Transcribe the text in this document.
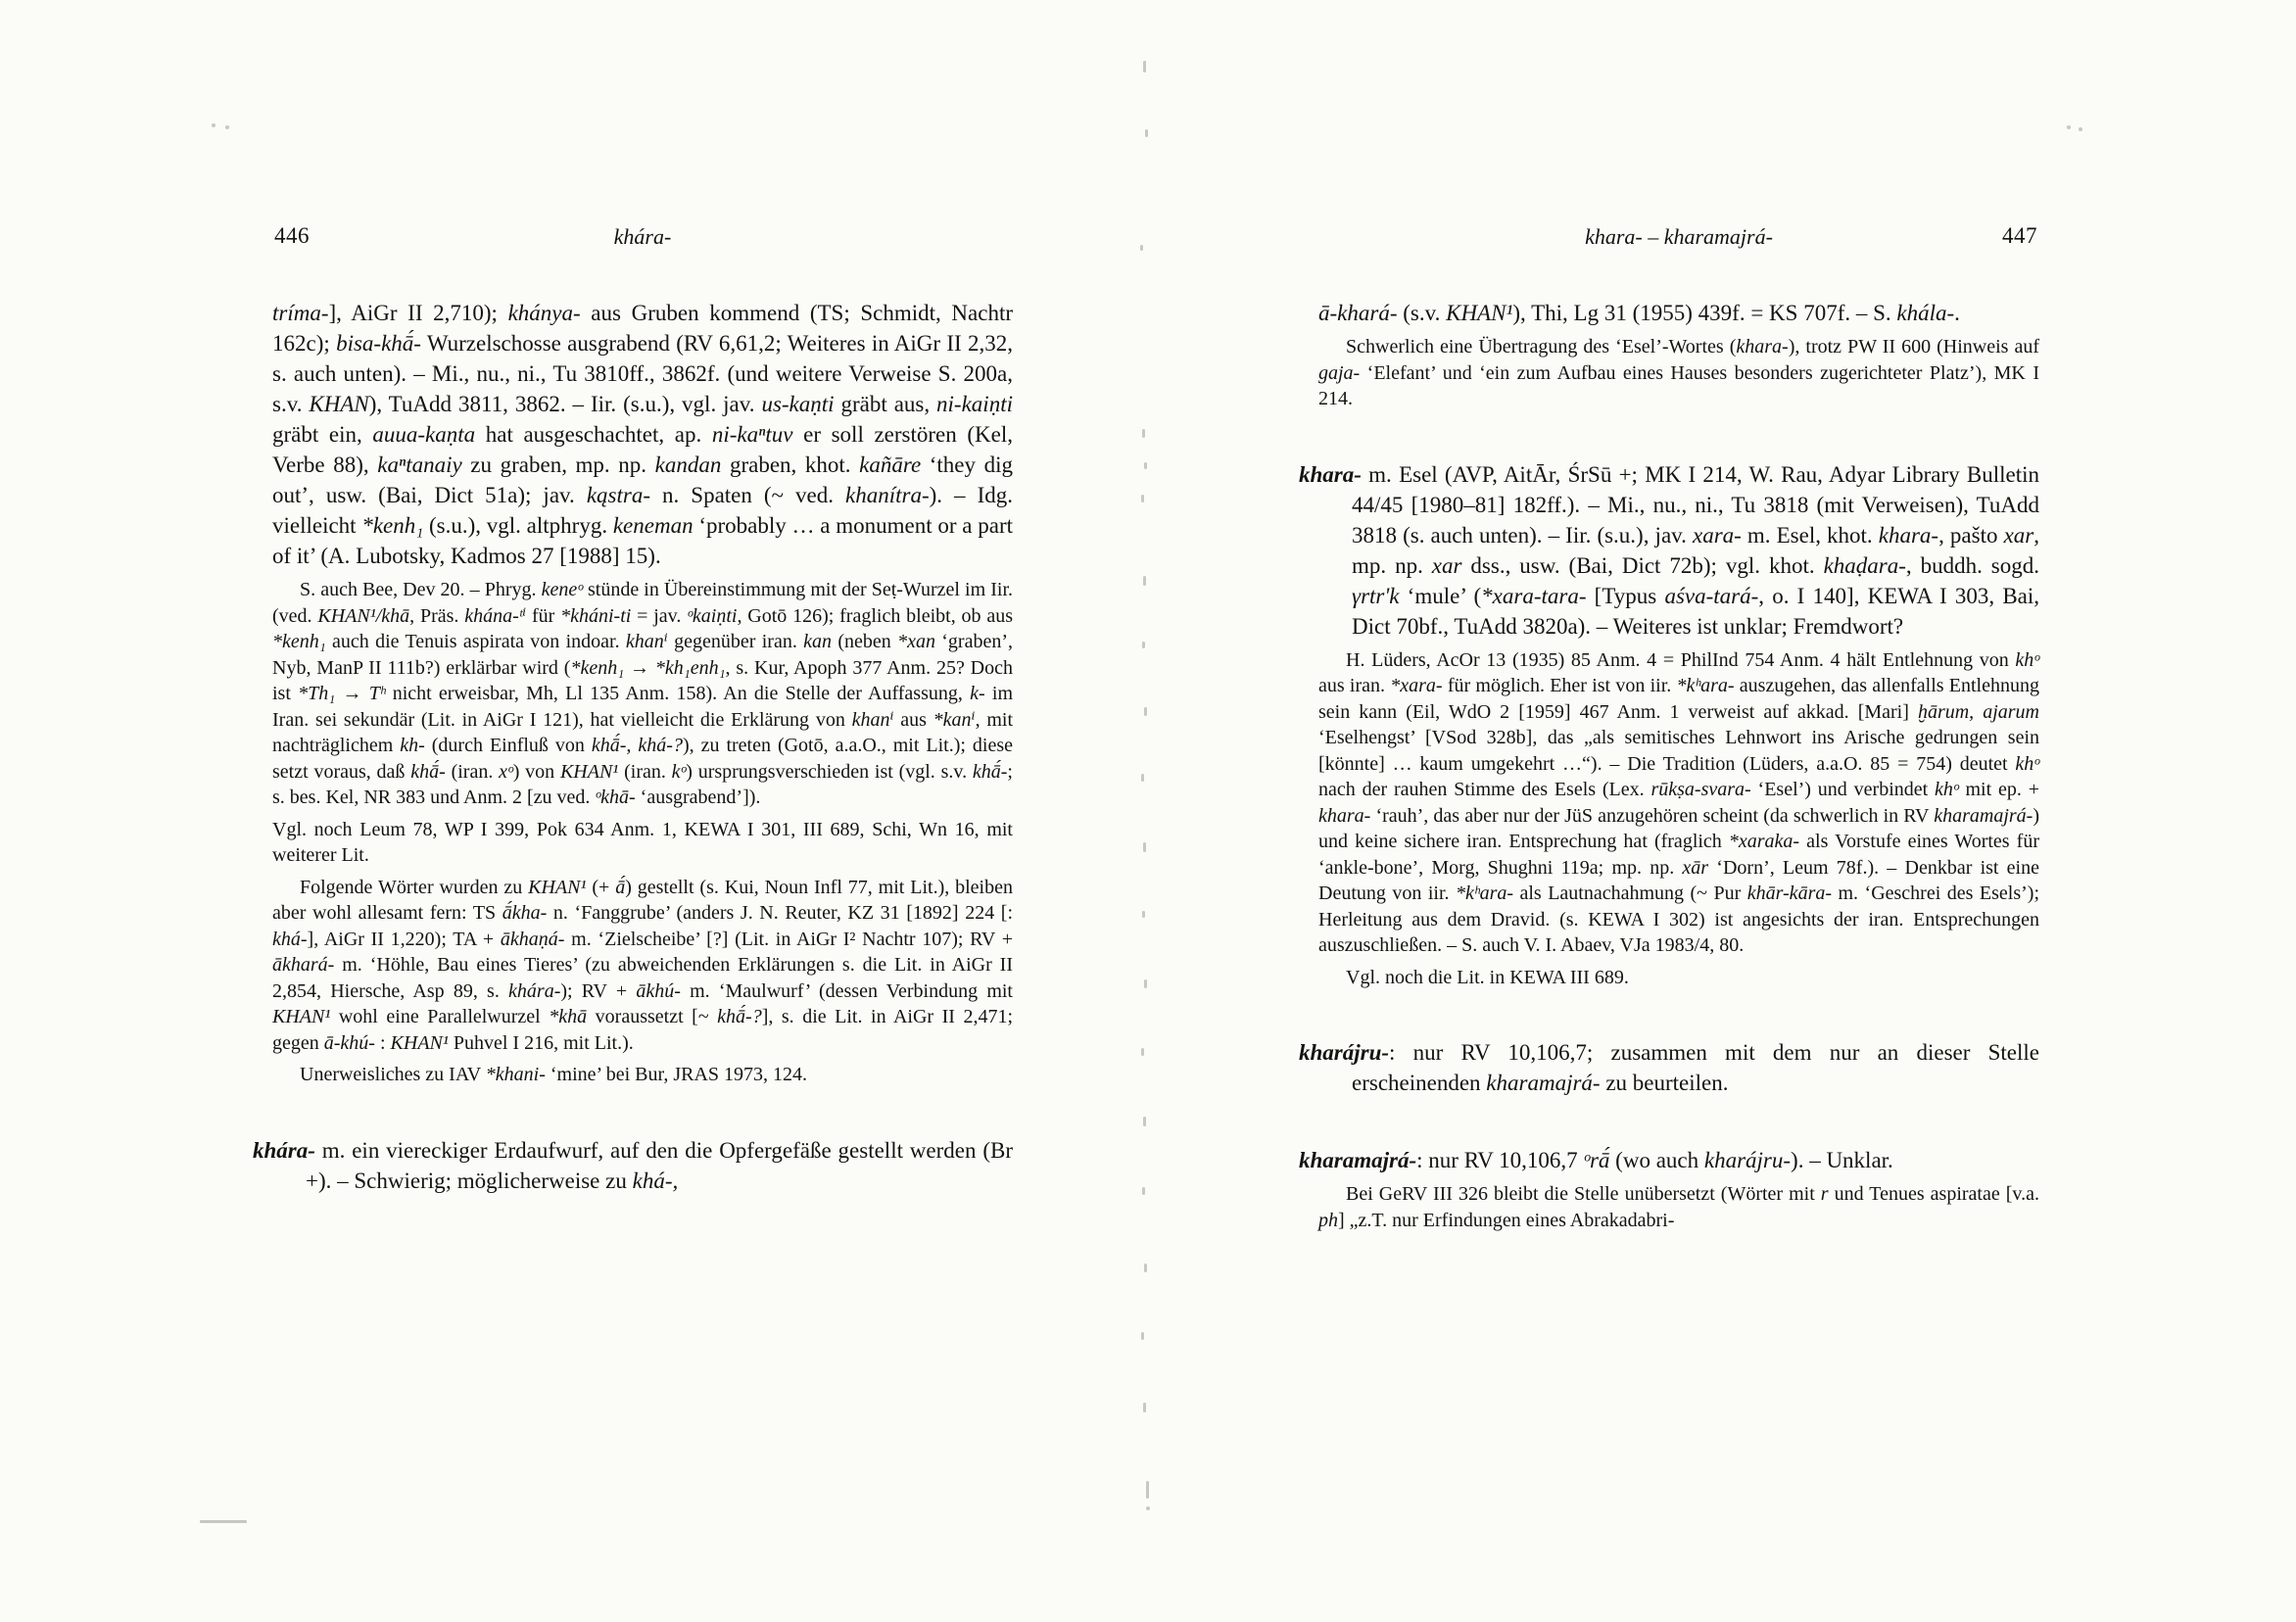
446	khára-

tríma-], AiGr II 2,710); khánya- aus Gruben kommend (TS; Schmidt, Nachtr 162c); bisa-khā́- Wurzelschosse ausgrabend (RV 6,61,2; Weiteres in AiGr II 2,32, s. auch unten). – Mi., nu., ni., Tu 3810ff., 3862f. (und weitere Verweise S. 200a, s.v. KHAN), TuAdd 3811, 3862. – Iir. (s.u.), vgl. jav. us-kaṇti gräbt aus, ni-kaiṇti gräbt ein, auua-kaṇta hat ausgeschachtet, ap. ni-kaⁿtuv er soll zerstören (Kel, Verbe 88), kaⁿtanaiy zu graben, mp. np. kandan graben, khot. kañāre ‘they dig out’, usw. (Bai, Dict 51a); jav. kąstra- n. Spaten (~ ved. khanítra-). – Idg. vielleicht *kenh₁ (s.u.), vgl. altphryg. keneman ‘probably … a monument or a part of it’ (A. Lubotsky, Kadmos 27 [1988] 15).

S. auch Bee, Dev 20. – Phryg. keneᵒ stünde in Übereinstimmung mit der Seṭ-Wurzel im Iir. (ved. KHAN¹/khā, Präs. khána-ᵗⁱ für *kháni-ti = jav. ᵒkaiṇti, Gotō 126); fraglich bleibt, ob aus *kenh₁ auch die Tenuis aspirata von indoar. khanⁱ gegenüber iran. kan (neben *xan ‘graben’, Nyb, ManP II 111b?) erklärbar wird (*kenh₁ → *kh₁enh₁, s. Kur, Apoph 377 Anm. 25? Doch ist *Th₁ → Tʰ nicht erweisbar, Mh, Ll 135 Anm. 158). An die Stelle der Auffassung, k- im Iran. sei sekundär (Lit. in AiGr I 121), hat vielleicht die Erklärung von khanⁱ aus *kanⁱ, mit nachträglichem kh- (durch Einfluß von khā́-, khá-?), zu treten (Gotō, a.a.O., mit Lit.); diese setzt voraus, daß khā́- (iran. xᵒ) von KHAN¹ (iran. kᵒ) ursprungsverschieden ist (vgl. s.v. khā́-; s. bes. Kel, NR 383 und Anm. 2 [zu ved. ᵒkhā- ‘ausgrabend’]).

Vgl. noch Leum 78, WP I 399, Pok 634 Anm. 1, KEWA I 301, III 689, Schi, Wn 16, mit weiterer Lit.

Folgende Wörter wurden zu KHAN¹ (+ ā́) gestellt (s. Kui, Noun Infl 77, mit Lit.), bleiben aber wohl allesamt fern: TS ā́kha- n. ‘Fanggrube’ (anders J. N. Reuter, KZ 31 [1892] 224 [: khá-], AiGr II 1,220); TA + ākhaṇá- m. ‘Zielscheibe’ [?] (Lit. in AiGr I² Nachtr 107); RV + ākhará- m. ‘Höhle, Bau eines Tieres’ (zu abweichenden Erklärungen s. die Lit. in AiGr II 2,854, Hiersche, Asp 89, s. khára-); RV + ākhú- m. ‘Maulwurf’ (dessen Verbindung mit KHAN¹ wohl eine Parallelwurzel *khā voraussetzt [~ khā́-?], s. die Lit. in AiGr II 2,471; gegen ā-khú- : KHAN¹ Puhvel I 216, mit Lit.).

Unerweisliches zu IAV *khani- ‘mine’ bei Bur, JRAS 1973, 124.

khára- m. ein viereckiger Erdaufwurf, auf den die Opfergefäße gestellt werden (Br +). – Schwierig; möglicherweise zu khá-,

khara- – kharamajrá-	447

ā-khará- (s.v. KHAN¹), Thi, Lg 31 (1955) 439f. = KS 707f. – S. khála-.

Schwerlich eine Übertragung des ‘Esel’-Wortes (khara-), trotz PW II 600 (Hinweis auf gaja- ‘Elefant’ und ‘ein zum Aufbau eines Hauses besonders zugerichteter Platz’), MK I 214.

khara- m. Esel (AVP, AitĀr, ŚrSū +; MK I 214, W. Rau, Adyar Library Bulletin 44/45 [1980–81] 182ff.). – Mi., nu., ni., Tu 3818 (mit Verweisen), TuAdd 3818 (s. auch unten). – Iir. (s.u.), jav. xara- m. Esel, khot. khara-, pašto xar, mp. np. xar dss., usw. (Bai, Dict 72b); vgl. khot. khaḍara-, buddh. sogd. γrtr'k ‘mule’ (*xara-tara- [Typus aśva-tará-, o. I 140], KEWA I 303, Bai, Dict 70bf., TuAdd 3820a). – Weiteres ist unklar; Fremdwort?

H. Lüders, AcOr 13 (1935) 85 Anm. 4 = PhilInd 754 Anm. 4 hält Entlehnung von khᵒ aus iran. *xara- für möglich. Eher ist von iir. *kʰara- auszugehen, das allenfalls Entlehnung sein kann (Eil, WdO 2 [1959] 467 Anm. 1 verweist auf akkad. [Mari] ḫārum, ajarum ‘Eselhengst’ [VSod 328b], das „als semitisches Lehnwort ins Arische gedrungen sein [könnte] … kaum umgekehrt …“). – Die Tradition (Lüders, a.a.O. 85 = 754) deutet khᵒ nach der rauhen Stimme des Esels (Lex. rūkṣa-svara- ‘Esel’) und verbindet khᵒ mit ep. + khara- ‘rauh’, das aber nur der JüS anzugehören scheint (da schwerlich in RV kharamajrá-) und keine sichere iran. Entsprechung hat (fraglich *xaraka- als Vorstufe eines Wortes für ‘ankle-bone’, Morg, Shughni 119a; mp. np. xār ‘Dorn’, Leum 78f.). – Denkbar ist eine Deutung von iir. *kʰara- als Lautnachahmung (~ Pur khār-kāra- m. ‘Geschrei des Esels’); Herleitung aus dem Dravid. (s. KEWA I 302) ist angesichts der iran. Entsprechungen auszuschließen. – S. auch V. I. Abaev, VJa 1983/4, 80.

Vgl. noch die Lit. in KEWA III 689.

kharájru-: nur RV 10,106,7; zusammen mit dem nur an dieser Stelle erscheinenden kharamajrá- zu beurteilen.

kharamajrá-: nur RV 10,106,7 ᵒrā́ (wo auch kharájru-). – Unklar.

Bei GeRV III 326 bleibt die Stelle unübersetzt (Wörter mit r und Tenues aspiratae [v.a. ph] „z.T. nur Erfindungen eines Abrakadabri-
